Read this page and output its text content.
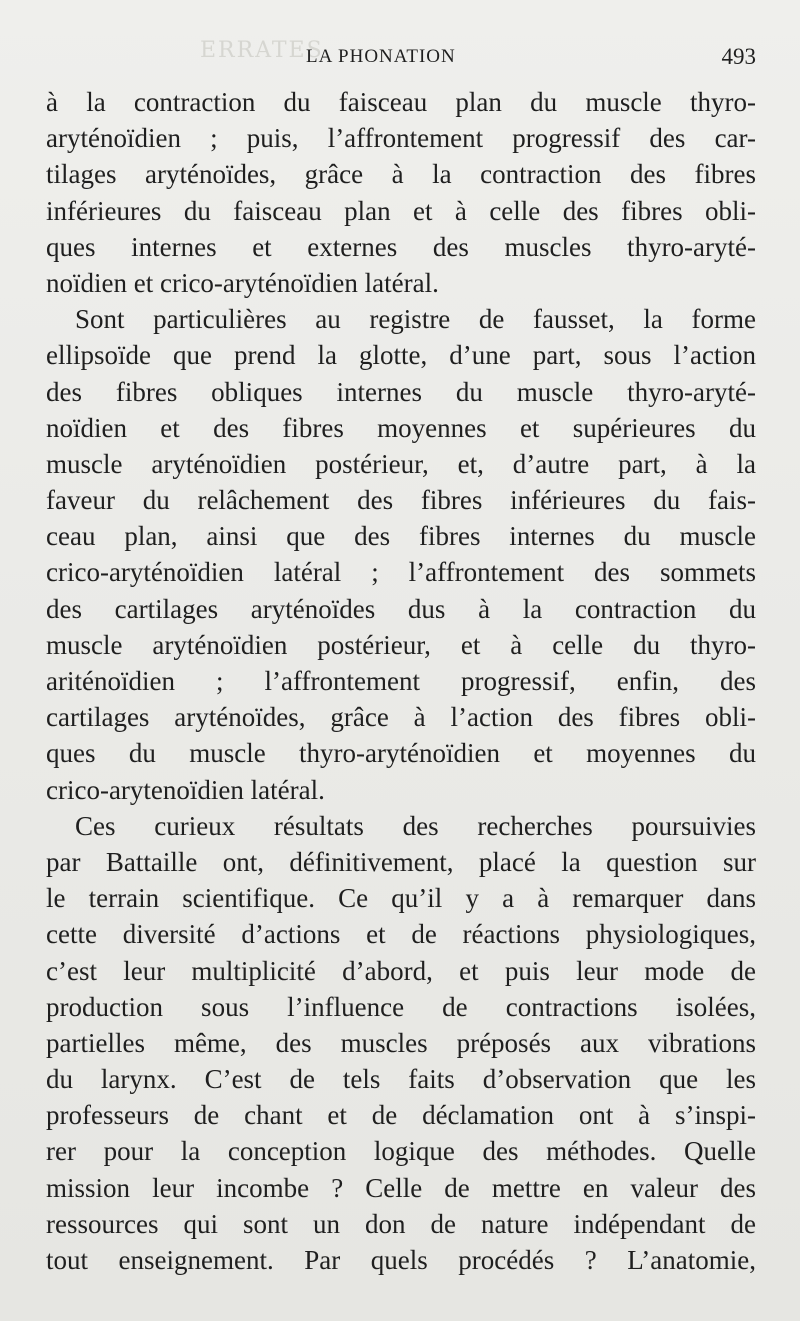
ERRATES
LA PHONATION	493
à la contraction du faisceau plan du muscle thyro-
aryténoïdien ; puis, l’affrontement progressif des car-
tilages aryténoïdes, grâce à la contraction des fibres
inférieures du faisceau plan et à celle des fibres obli-
ques internes et externes des muscles thyro-aryté-
noïdien et crico-aryténoïdien latéral.
Sont particulières au registre de fausset, la forme
ellipsoïde que prend la glotte, d’une part, sous l’action
des fibres obliques internes du muscle thyro-aryté-
noïdien et des fibres moyennes et supérieures du
muscle aryténoïdien postérieur, et, d’autre part, à la
faveur du relâchement des fibres inférieures du fais-
ceau plan, ainsi que des fibres internes du muscle
crico-aryténoïdien latéral ; l’affrontement des sommets
des cartilages aryténoïdes dus à la contraction du
muscle aryténoïdien postérieur, et à celle du thyro-
ariténoïdien ; l’affrontement progressif, enfin, des
cartilages aryténoïdes, grâce à l’action des fibres obli-
ques du muscle thyro-aryténoïdien et moyennes du
crico-arytenoïdien latéral.
Ces curieux résultats des recherches poursuivies
par Battaille ont, définitivement, placé la question sur
le terrain scientifique. Ce qu’il y a à remarquer dans
cette diversité d’actions et de réactions physiologiques,
c’est leur multiplicité d’abord, et puis leur mode de
production sous l’influence de contractions isolées,
partielles même, des muscles préposés aux vibrations
du larynx. C’est de tels faits d’observation que les
professeurs de chant et de déclamation ont à s’inspi-
rer pour la conception logique des méthodes. Quelle
mission leur incombe ? Celle de mettre en valeur des
ressources qui sont un don de nature indépendant de
tout enseignement. Par quels procédés ? L’anatomie,
